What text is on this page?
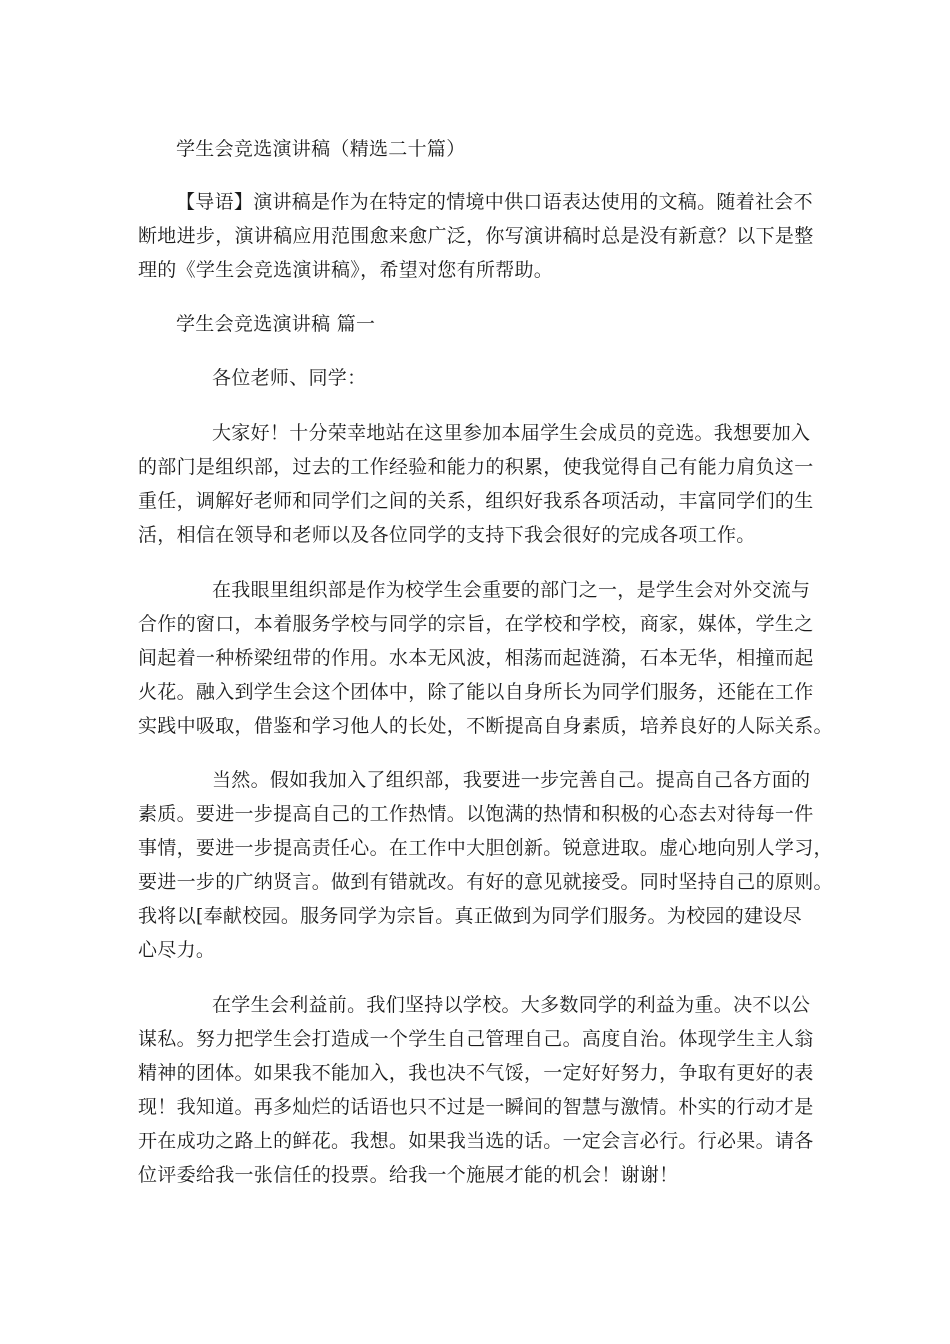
学生会竞选演讲稿（精选二十篇）
【导语】演讲稿是作为在特定的情境中供口语表达使用的文稿。随着社会不
断地进步，演讲稿应用范围愈来愈广泛，你写演讲稿时总是没有新意？以下是整
理的《学生会竞选演讲稿》，希望对您有所帮助。
学生会竞选演讲稿 篇一
各位老师、同学：
大家好！十分荣幸地站在这里参加本届学生会成员的竞选。我想要加入
的部门是组织部，过去的工作经验和能力的积累，使我觉得自己有能力肩负这一
重任，调解好老师和同学们之间的关系，组织好我系各项活动，丰富同学们的生
活，相信在领导和老师以及各位同学的支持下我会很好的完成各项工作。
在我眼里组织部是作为校学生会重要的部门之一，是学生会对外交流与
合作的窗口，本着服务学校与同学的宗旨，在学校和学校，商家，媒体，学生之
间起着一种桥梁纽带的作用。水本无风波，相荡而起涟漪，石本无华，相撞而起
火花。融入到学生会这个团体中，除了能以自身所长为同学们服务，还能在工作
实践中吸取，借鉴和学习他人的长处，不断提高自身素质，培养良好的人际关系。
当然。假如我加入了组织部，我要进一步完善自己。提高自己各方面的
素质。要进一步提高自己的工作热情。以饱满的热情和积极的心态去对待每一件
事情，要进一步提高责任心。在工作中大胆创新。锐意进取。虚心地向别人学习，
要进一步的广纳贤言。做到有错就改。有好的意见就接受。同时坚持自己的原则。
我将以[奉献校园。服务同学为宗旨。真正做到为同学们服务。为校园的建设尽
心尽力。
在学生会利益前。我们坚持以学校。大多数同学的利益为重。决不以公
谋私。努力把学生会打造成一个学生自己管理自己。高度自治。体现学生主人翁
精神的团体。如果我不能加入，我也决不气馁，一定好好努力，争取有更好的表
现！我知道。再多灿烂的话语也只不过是一瞬间的智慧与激情。朴实的行动才是
开在成功之路上的鲜花。我想。如果我当选的话。一定会言必行。行必果。请各
位评委给我一张信任的投票。给我一个施展才能的机会！谢谢！
